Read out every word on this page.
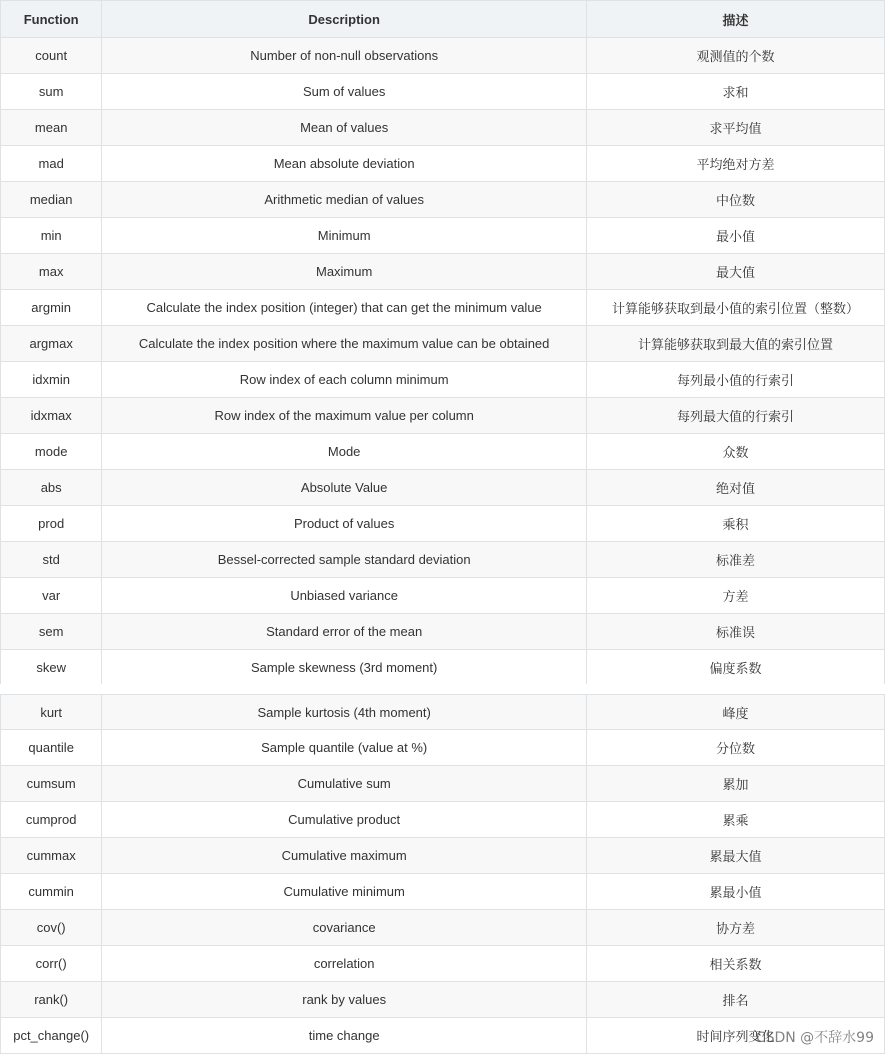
Function	Description	描述
count	Number of non-null observations	观测值的个数
sum	Sum of values	求和
mean	Mean of values	求平均值
mad	Mean absolute deviation	平均绝对方差
median	Arithmetic median of values	中位数
min	Minimum	最小值
max	Maximum	最大值
argmin	Calculate the index position (integer) that can get the minimum value	计算能够获取到最小值的索引位置（整数）
argmax	Calculate the index position where the maximum value can be obtained	计算能够获取到最大值的索引位置
idxmin	Row index of each column minimum	每列最小值的行索引
idxmax	Row index of the maximum value per column	每列最大值的行索引
mode	Mode	众数
abs	Absolute Value	绝对值
prod	Product of values	乘积
std	Bessel-corrected sample standard deviation	标准差
var	Unbiased variance	方差
sem	Standard error of the mean	标准误
skew	Sample skewness (3rd moment)	偏度系数
kurt	Sample kurtosis (4th moment)	峰度
quantile	Sample quantile (value at %)	分位数
cumsum	Cumulative sum	累加
cumprod	Cumulative product	累乘
cummax	Cumulative maximum	累最大值
cummin	Cumulative minimum	累最小值
cov()	covariance	协方差
corr()	correlation	相关系数
rank()	rank by values	排名
pct_change()	time change	时间序列变化
CSDN @不辞水99
